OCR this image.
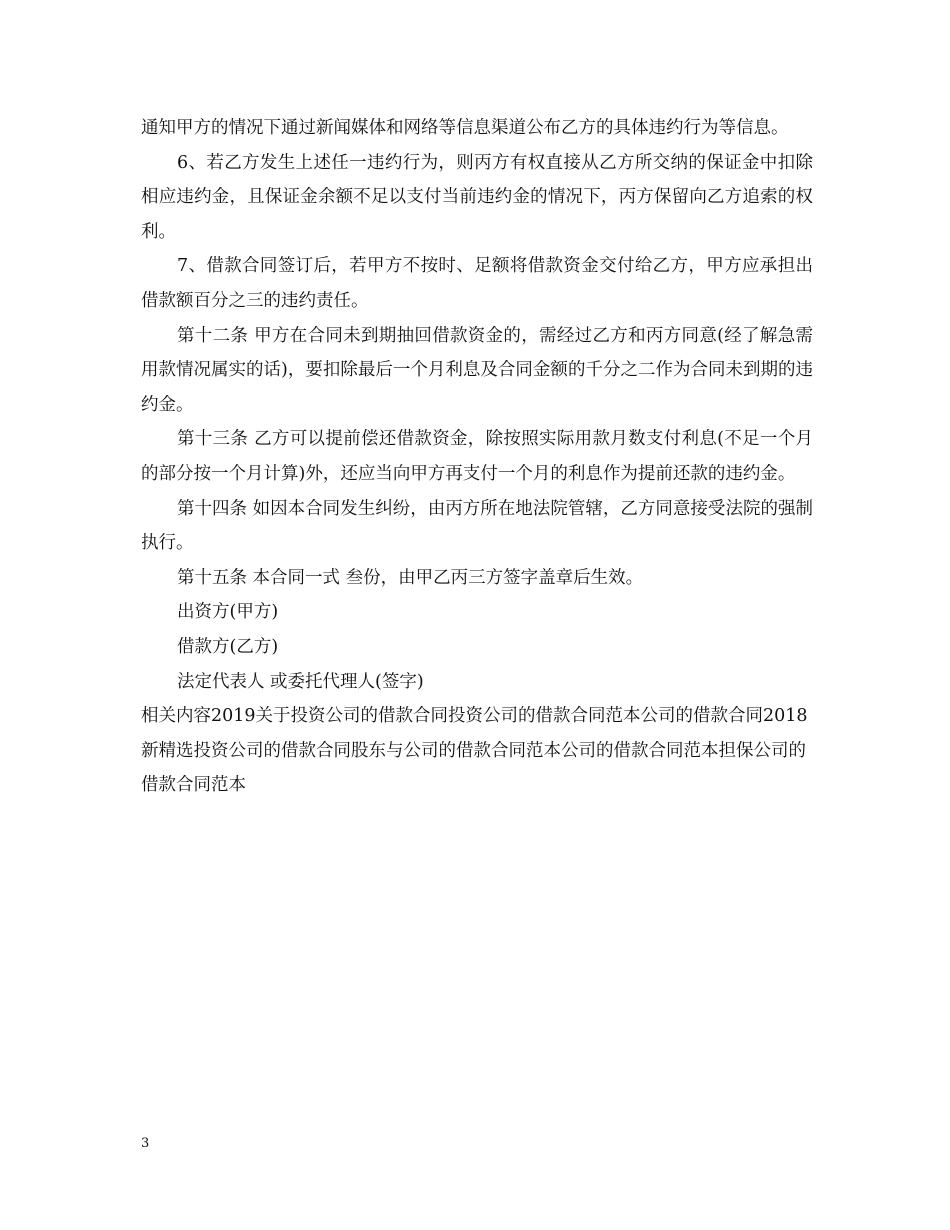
通知甲方的情况下通过新闻媒体和网络等信息渠道公布乙方的具体违约行为等信息。

6、若乙方发生上述任一违约行为，则丙方有权直接从乙方所交纳的保证金中扣除相应违约金，且保证金余额不足以支付当前违约金的情况下，丙方保留向乙方追索的权利。

7、借款合同签订后，若甲方不按时、足额将借款资金交付给乙方，甲方应承担出借款额百分之三的违约责任。

第十二条 甲方在合同未到期抽回借款资金的，需经过乙方和丙方同意(经了解急需用款情况属实的话)，要扣除最后一个月利息及合同金额的千分之二作为合同未到期的违约金。

第十三条 乙方可以提前偿还借款资金，除按照实际用款月数支付利息(不足一个月的部分按一个月计算)外，还应当向甲方再支付一个月的利息作为提前还款的违约金。

第十四条 如因本合同发生纠纷，由丙方所在地法院管辖，乙方同意接受法院的强制执行。

第十五条 本合同一式 叁份，由甲乙丙三方签字盖章后生效。

出资方(甲方)

借款方(乙方)

法定代表人 或委托代理人(签字)

相关内容2019关于投资公司的借款合同投资公司的借款合同范本公司的借款合同2018新精选投资公司的借款合同股东与公司的借款合同范本公司的借款合同范本担保公司的借款合同范本

3
